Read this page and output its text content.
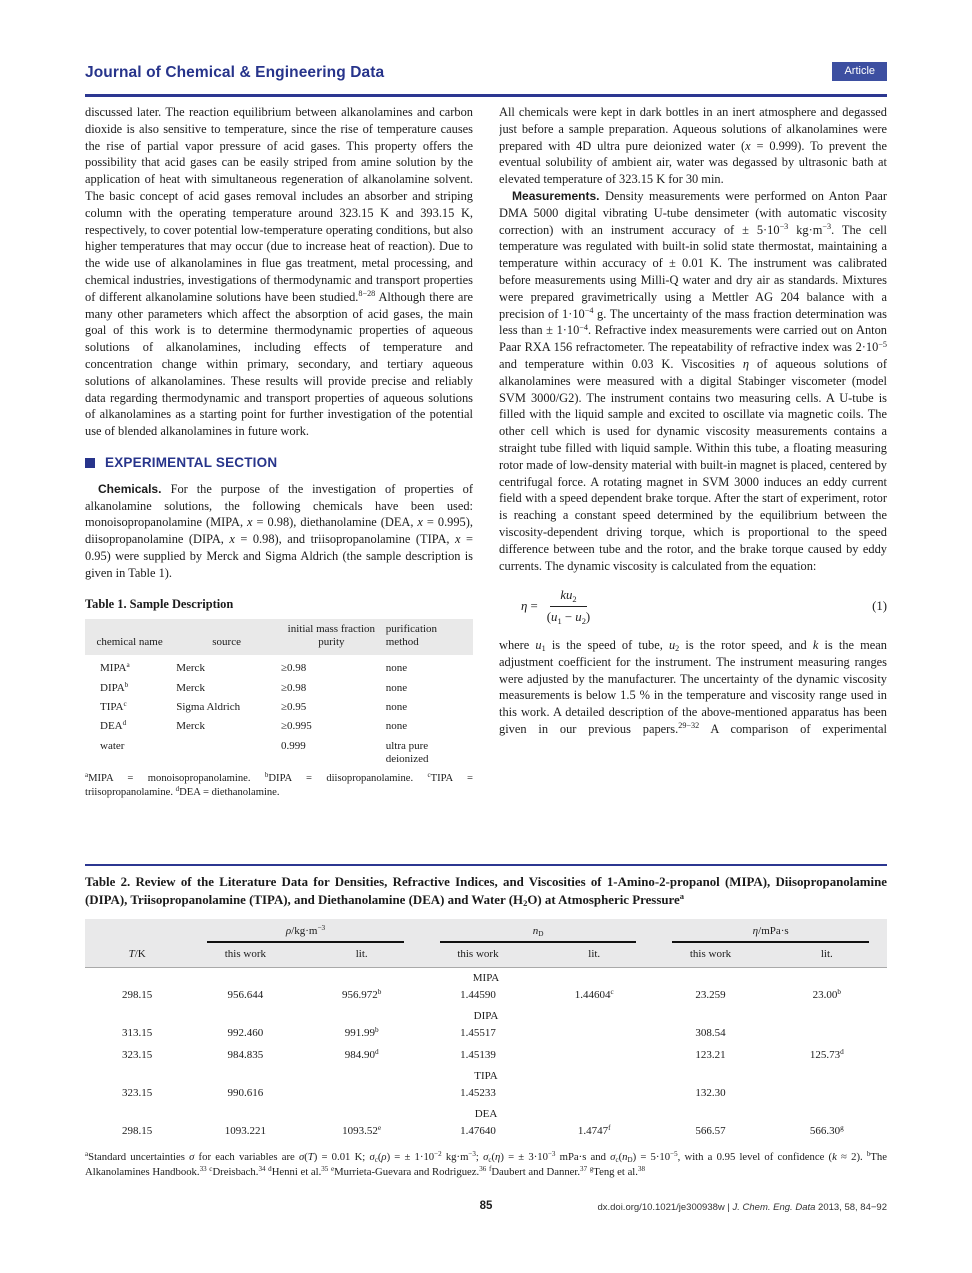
Journal of Chemical & Engineering Data	Article

discussed later. The reaction equilibrium between alkanolamines and carbon dioxide is also sensitive to temperature, since the rise of temperature causes the rise of partial vapor pressure of acid gases. This property offers the possibility that acid gases can be easily striped from amine solution by the application of heat with simultaneous regeneration of alkanolamine solvent. The basic concept of acid gases removal includes an absorber and striping column with the operating temperature around 323.15 K and 393.15 K, respectively, to cover potential low-temperature operating conditions, but also higher temperatures that may occur (due to increase heat of reaction). Due to the wide use of alkanolamines in flue gas treatment, metal processing, and chemical industries, investigations of thermodynamic and transport properties of different alkanolamine solutions have been studied.$^{8-28}$ Although there are many other parameters which affect the absorption of acid gases, the main goal of this work is to determine thermodynamic properties of aqueous solutions of alkanolamines, including effects of temperature and concentration change within primary, secondary, and tertiary aqueous solutions of alkanolamines. These results will provide precise and reliably data regarding thermodynamic and transport properties of aqueous solutions of alkanolamines as a starting point for further investigation of the potential use of blended alkanolamines in future work.

EXPERIMENTAL SECTION

Chemicals. For the purpose of the investigation of properties of alkanolamine solutions, the following chemicals have been used: monoisopropanolamine (MIPA, x = 0.98), diethanolamine (DEA, x = 0.995), diisopropanolamine (DIPA, x = 0.98), and triisopropanolamine (TIPA, x = 0.95) were supplied by Merck and Sigma Aldrich (the sample description is given in Table 1).

Table 1. Sample Description
chemical name	source	initial mass fraction purity	purification method
MIPA$^a$	Merck	≥0.98	none
DIPA$^b$	Merck	≥0.98	none
TIPA$^c$	Sigma Aldrich	≥0.95	none
DEA$^d$	Merck	≥0.995	none
water		0.999	ultra pure deionized
$^a$MIPA = monoisopropanolamine. $^b$DIPA = diisopropanolamine. $^c$TIPA = triisopropanolamine. $^d$DEA = diethanolamine.

All chemicals were kept in dark bottles in an inert atmosphere and degassed just before a sample preparation. Aqueous solutions of alkanolamines were prepared with 4D ultra pure deionized water (x = 0.999). To prevent the eventual solubility of ambient air, water was degassed by ultrasonic bath at elevated temperature of 323.15 K for 30 min.

Measurements. Density measurements were performed on Anton Paar DMA 5000 digital vibrating U-tube densimeter (with automatic viscosity correction) with an instrument accuracy of ± $5\cdot 10^{-3}$ $kg\cdot m^{-3}$. The cell temperature was regulated with built-in solid state thermostat, maintaining a temperature within accuracy of ± 0.01 K. The instrument was calibrated before measurements using Milli-Q water and dry air as standards. Mixtures were prepared gravimetrically using a Mettler AG 204 balance with a precision of $1\cdot 10^{-4}$ g. The uncertainty of the mass fraction determination was less than ± $1\cdot 10^{-4}$. Refractive index measurements were carried out on Anton Paar RXA 156 refractometer. The repeatability of refractive index was $2\cdot 10^{-5}$ and temperature within 0.03 K. Viscosities η of aqueous solutions of alkanolamines were measured with a digital Stabinger viscometer (model SVM 3000/G2). The instrument contains two measuring cells. A U-tube is filled with the liquid sample and excited to oscillate via magnetic coils. The other cell which is used for dynamic viscosity measurements contains a straight tube filled with liquid sample. Within this tube, a floating measuring rotor made of low-density material with built-in magnet is placed, centered by centrifugal force. A rotating magnet in SVM 3000 induces an eddy current field with a speed dependent brake torque. After the start of experiment, rotor is reaching a constant speed determined by the equilibrium between the viscosity-dependent driving torque, which is proportional to the speed difference between tube and the rotor, and the brake torque caused by eddy currents. The dynamic viscosity is calculated from the equation:

$\eta = \frac{ku_2}{(u_1 - u_2)}$	(1)

where $u_1$ is the speed of tube, $u_2$ is the rotor speed, and k is the mean adjustment coefficient for the instrument. The instrument measuring ranges were adjusted by the manufacturer. The uncertainty of the dynamic viscosity measurements is below 1.5 % in the temperature and viscosity range used in this work. A detailed description of the above-mentioned apparatus has been given in our previous papers.$^{29-32}$ A comparison of experimental

Table 2. Review of the Literature Data for Densities, Refractive Indices, and Viscosities of 1-Amino-2-propanol (MIPA), Diisopropanolamine (DIPA), Triisopropanolamine (TIPA), and Diethanolamine (DEA) and Water $(H_2O)$ at Atmospheric Pressure$^a$

	$\rho/kg\cdot m^{-3}$		$n_D$		η/mPa·s	

T/K	this work	lit.	this work	lit.	this work	lit.
MIPA						
298.15	956.644	956.972$^b$	1.44590	1.44604$^c$	23.259	23.00$^b$
DIPA						
313.15	992.460	991.99$^b$	1.45517		308.54	
323.15	984.835	984.90$^d$	1.45139		123.21	125.73$^d$
TIPA						
323.15	990.616		1.45233		132.30	
DEA						
298.15	1093.221	1093.52e	1.47640	1.4747$^f$	566.57	566.30$^g$
$^a$Standard uncertainties σ for each variables are σ(T) = 0.01 K; $\sigma_c(\rho)$ = ± $1\cdot 10^{-2}$ $kg\cdot m^{-3}$; $\sigma_c(\eta)$ = ± $3\cdot 10^{-3}$ mPa·s and $\sigma_c(n_D) = 5\cdot 10^{-5}$, with a 0.95 level of confidence (k ≈ 2). $^b$The Alkanolamines Handbook.$^{33}$ $^c$Dreisbach.$^{34}$ $^d$Henni et al.$^{35}$ $^e$Murrieta-Guevara and Rodriguez.$^{36}$ $^f$Daubert and Danner.$^{37}$ $^g$Teng et al.$^{38}$
85	dx.doi.org/10.1021/je300938w | J. Chem. Eng. Data 2013, 58, 84−92
